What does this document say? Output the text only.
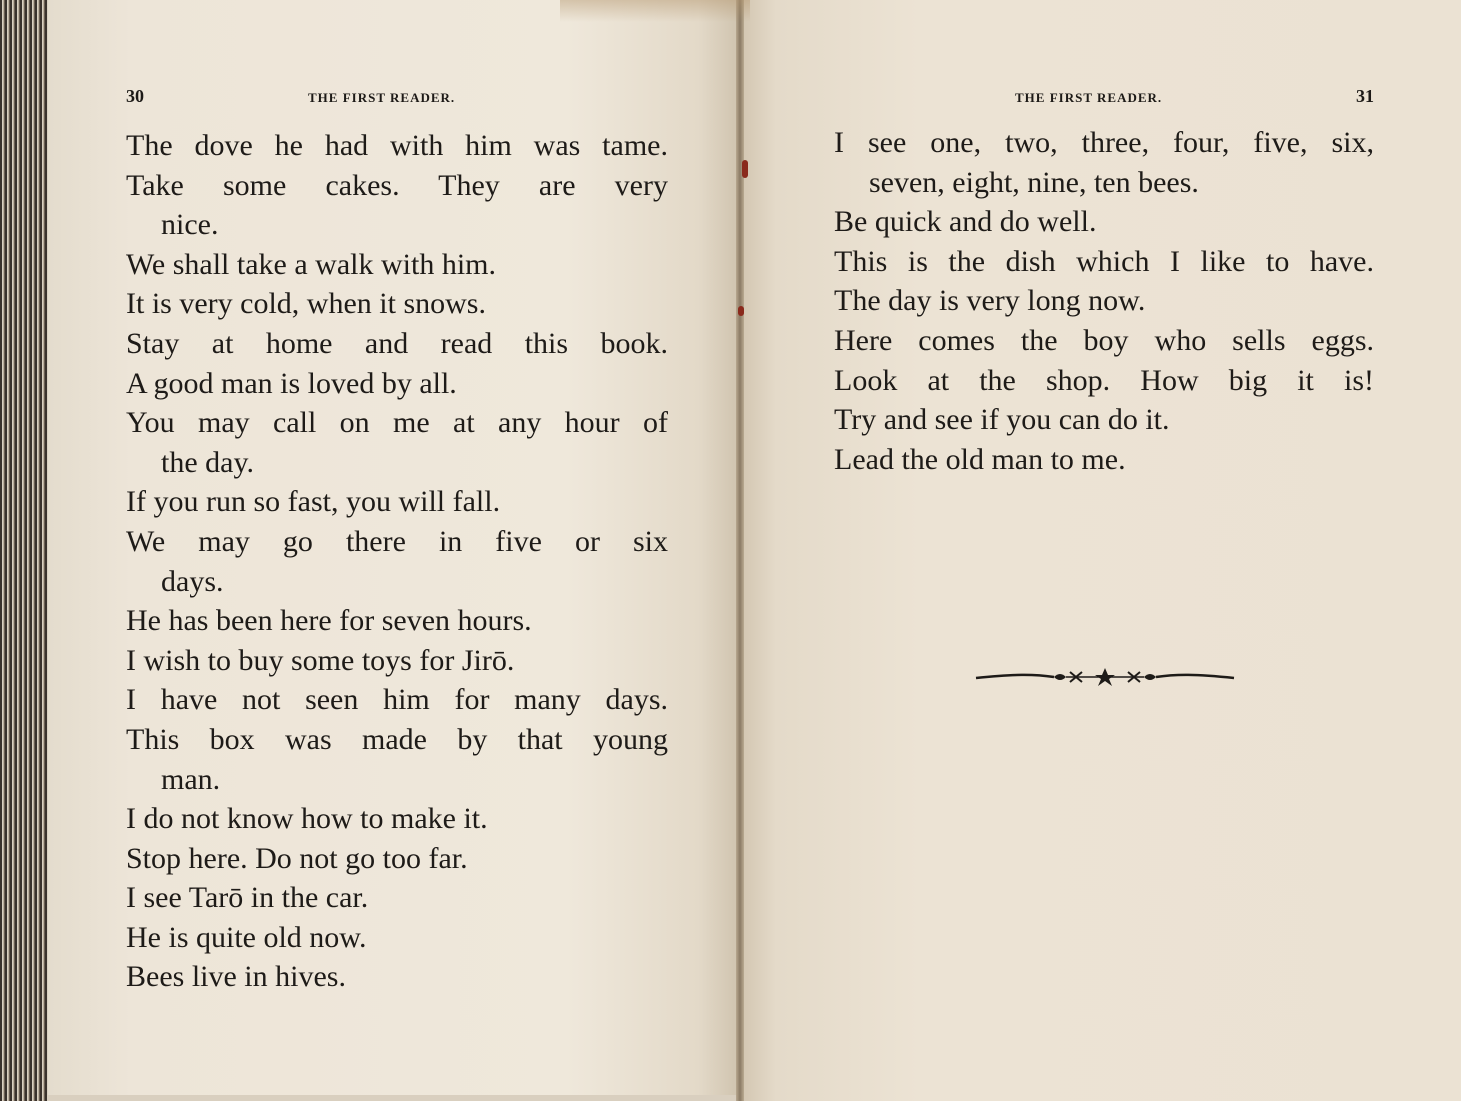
30	THE FIRST READER.	THE FIRST READER.	31
The dove he had with him was tame.
Take some cakes. They are very
nice.
We shall take a walk with him.
It is very cold, when it snows.
Stay at home and read this book.
A good man is loved by all.
You may call on me at any hour of
the day.
If you run so fast, you will fall.
We may go there in five or six
days.
He has been here for seven hours.
I wish to buy some toys for Jirō.
I have not seen him for many days.
This box was made by that young
man.
I do not know how to make it.
Stop here. Do not go too far.
I see Tarō in the car.
He is quite old now.
Bees live in hives.
I see one, two, three, four, five, six,
seven, eight, nine, ten bees.
Be quick and do well.
This is the dish which I like to have.
The day is very long now.
Here comes the boy who sells eggs.
Look at the shop. How big it is!
Try and see if you can do it.
Lead the old man to me.
